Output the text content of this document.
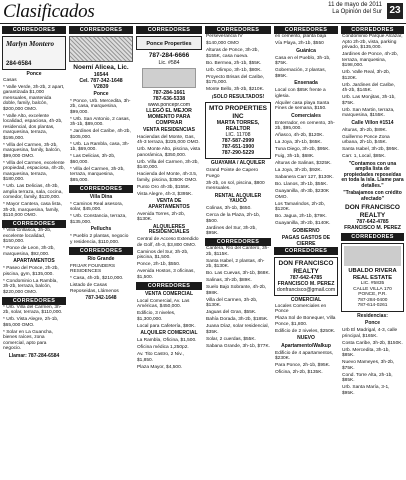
Clasificados	11 de mayo de 2011
La Opinión del Sur 23
CORREDORES
Marlyn Montero
284-6584
Ponce

Casas

* Valle Verde, 3h-2b, 2 apart, garantizada $1,000 mensuales, mantenida doble, family, balcón, $200,000 OMO.

* Valle Alto, excelente localidad, espaciosa, 4h-2b, residencial, dos plantas, marquesina, terraza, $195,000.

* Villa del Carmen, 3h-2b, marquesina, family, balcón, $99,000 OMO.

* Villa del Carmen, excelente propiedad, espaciosa, 4h-2b, marquesina, terraza, $180,000.

* Urb. Las Delicias, 4h-3b, amplia terraza, sala, cocina, comedor, family, $120,000.

* Mayor Cantera, casa lista, 3h-2b, marquesina, family, $110,000 OMO.

CORREDORES

* Villa Grillasca, 3h-2b, excelente localidad, $150,000.

* Ponce de Leon, 3h-2b, marquesina, $92,000.

APARTAMENTOS

* Paseo del Ponce, 2h-2b, piscina, gym, $135,000.

* Condominio La Rambla, 3h-2b, terraza, balcón, $220,000 OMO.

CORREDORES

* Urb. Villa del Carmen, 3h-2b, solar, terraza, $110,000.

* Urb. Vista Alegre, 2h-1b, $65,000 OMO.

* Solar en La Guancha, bienes raíces, zona comercial, apto para negocio.

Llamar: 787-284-6584

CORREDORES
Noemí Alicea, Lic.
16544
Cel. 787-342-1648
V2839

Ponce

* Ponce, Urb. Mercedita, 3h-2b, casa, marquesina, $99,000.

* Urb. San Antonio, 2 casas, 3h-1b, $89,000.

* Jardines del Caribe, 4h-2b, $105,000.

* Urb. La Rambla, casa, 3h-1b, $69,000.

* Las Delicias, 3h-2b, $60,000.

* Villa del Carmen, 3h-2b, terraza, marquesina, $85,000.

CORREDORES

Villa Dina

* Caminos Real asesora, solar, $45,000.

* Urb. Constancia, terraza, $135,000.

Pelluchs

* Pueblo 2 plantas, negocio y residencia, $110,000.

CORREDORES

Río Grande

FRIJAR FOUNDERS RESIDENCES

* Casa, 4h-2b, $210,000.

Listado de Casas Reposeidas, Llámenos

787-342-1648

CORREDORES
Ponce Properties
787-284-6666
Lic. #584
787-284-1661
787-636-5338
www.poncepr.com
LLEGÓ EL MEJOR MOMENTO PARA COMPRAR

VENTA RESIDENCIAS

Haciendas del Monte, Gas, 4h-3 terraza, $225,000 OMO.

Urb. Monte Alto, piscina, vista panorámica, $350,000.

Urb. Villa del Carmen, 3h-2b, $140,000.

Hacienda del Monte, 4h-3.5, family, piscina, $350K OMO.

Punto Oro 4h-3b, $155K.

Vista Alegre, 4h-3, $395K.

VENTA DE APARTAMENTOS

Avenida Torres, 2h-2b, $130K.

ALQUILERES RESIDENCIALES

Central de Acceso Extendido de Golf, 4h-3, $3,800 OMO.

Caminos del Sur, 3h-2b, piscina, $1,500.

Ponce, 2h-1b, $550.

Avenida Hostos, 3 oficinas, $1,500.

CORREDORES

VENTA COMERCIAL

Local Comercial, Av. Las Américas, $450,000.

Edificio, 3 niveles, $1,300,000.

Local para Cafetería, $80K.

ALQUILER COMERCIAL

La Rambla, Oficina, $1,500.

Oficina médica 1,250p2.

Av. Tito Castro, 2 Niv., $1,850.

Plaza Mayor, $4,500.

CORREDORES

Perseverancia IV

$140,000 OMO

Alturas de Ponce, 3h-2b, $155K, casa nueva.

Bo. Bermea, 2h-1b, $55K.

Urb. Olimpo, 3h-1b, $80K.

Proyecto Brisas del Caribe, $175,000.

Monte Bello, 3h-2b, $210K.

¡SOLO RESULTADOS!
MTO PROPERTIES INC
MARTA TORRES, REALTOR
LIC. 11708
787-587-2999
787-651-1900
787-290-5229

GUAYAMA / ALQUILER

Grand Pointe de Capero Fuego

3h-2b, on sol, piscina, $800 mensuales.

RENTAL ALQUILER YAUCO

Colinas, 3h-1b, $650.

Cerca de la Plaza, 2h-1b, $500.

Jardines del Sur, 3h-2b, $95K.

CORREDORES

Cantera, Río del Cantero, 3h-2b, $115K.

Santa Isabel, 2 plantas, 4h-2b, $130K.

Bo. Las Cuevas, 3h-1b, $68K.

Salinas, 3h-2b, $89K.

Suelo Bajo Sobrante, 4h-2b, $98K.

Villa del Carmen, 3h-2b, $130K.

Jaguas del Gran, $55K.

Bahía Dorada, 3h-2b, $185K.

Juana Díaz, solar residencial, $35K.

Solar, 2 cuerdas, $55K.

Sabana Grande, 3h-1b, $77K.

CORREDORES

en cemento, planta baja

Vía Playa, 2h-1b, $550

Guánica

Casa en el Pueblo, 3h-1b, $75K.

Gobernación, 2 plantas, $95K.

Ensenada

Local con $85K frente a iglesia.

Alquiler casa playa Santa Fines de semana, $150.

Comerciales

Enterrador, en cemento, 3h-2b, $95,000.

Añasco, 4h-2b, $120K.

La Joya, 3h-1b, $65K.

Tuna Diego, 3h-2b, $95K.

Fuig, 3h-1b, $68K.

Alturas de Salinas, $325K.

La Joya, 3h-2b, $92K.

Sabanera Carr 127, $130K.

Bo. Llanos, 3h-1b, $55K.

Guayanilla, 4h-3b, $230K OMO.

Los Tamarindos, 2h-2b, $120K.

Bo. Jagua, 2h-1b, $79K.

Guayanilla, 3h-2b, $140K.

GOBIERNO
PAGAS GASTOS DE CIERRE
CORREDORES
DON FRANCISCO REALTY
787-642-4785
FRANCISCO M. PEREZ
donfrancisco@gmail.com
COMERCIAL

Locales Comerciales en Ponce

Plaza Sol de Bonequer, Villa Ponce, $1,800.

Edificio de 2 niveles, $250K.

NUEVO

Apartamento/Walkup

Edificio de 4 apartamentos, $230K.

Para Ponce, 2h-1b, $95K.

Oficina, 2h-2b, $135K.

CORREDORES

Condominio Parque Alcázar, Apto 2h-2b, vista, parking privado, $135,000.

Jardines de Ponce, 4h-2b, terraza, marquesina, $198,000.

Urb. Valle Real, 3h-2b, $120K.

Urb. Jardines del Caribe, 4h-2b, $145K.

Urb. Las Monjitas, 3h-1b, $75K.

Urb. San Martin, terraza, marquesina, $155K.

Calle Villon #1514

Alturas, 3h-2b, $89K.

Guillermo Ponce Zona urbana, 2h-1b, $45K.

Santa Isabel, 3h-2b, $95K.

Carr. 1, Local, $85K.

"Contamos con una amplia lista de propiedades reposeídas en toda la isla. Llame para detalles."
"Trabajamos con crédito afectado"
DON FRANCISCO REALTY
787-642-4785
FRANCISCO M. PEREZ
CORREDORES
UBALDO RIVERA
REAL ESTATE
LIC. #5835
CALLE VILLA 170
PONCE, P.R.
787-284-0400
787-614-0261
Residencias:

Ponce

Urb El Madrigal, 4-3, calle principal, $165K.

Costa Caribe, 3h-2b, $150K.

Urb. Mercedita, 3h-1b, $85K.

Nuevo Mameyes, 3h-2b, $75K.

Cond. Torre Alta, 2h-1b, $85K.

Urb. Santa María, 3-1, $95K.
